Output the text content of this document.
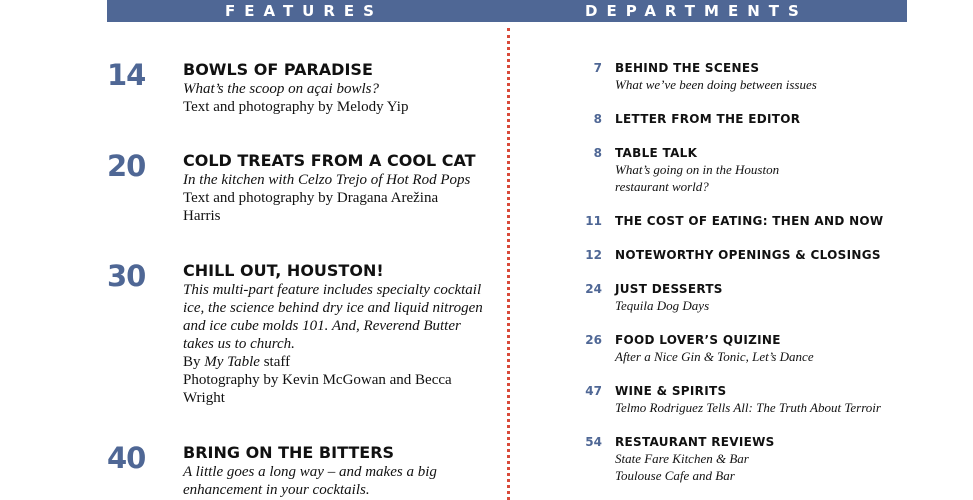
FEATURES	DEPARTMENTS
14	BOWLS OF PARADISE
What’s the scoop on açai bowls?
Text and photography by Melody Yip
20	COLD TREATS FROM A COOL CAT
In the kitchen with Celzo Trejo of Hot Rod Pops
Text and photography by Dragana Arežina Harris
30	CHILL OUT, HOUSTON!
This multi-part feature includes specialty cocktail ice, the science behind dry ice and liquid nitrogen and ice cube molds 101. And, Reverend Butter takes us to church.
By My Table staff
Photography by Kevin McGowan and Becca Wright
40	BRING ON THE BITTERS
A little goes a long way – and makes a big enhancement in your cocktails.
7 BEHIND THE SCENES
What we’ve been doing between issues
8 LETTER FROM THE EDITOR
8 TABLE TALK
What’s going on in the Houston restaurant world?
11 THE COST OF EATING: THEN AND NOW
12 NOTEWORTHY OPENINGS & CLOSINGS
24 JUST DESSERTS
Tequila Dog Days
26 FOOD LOVER’S QUIZINE
After a Nice Gin & Tonic, Let’s Dance
47 WINE & SPIRITS
Telmo Rodriguez Tells All: The Truth About Terroir
54 RESTAURANT REVIEWS
State Fare Kitchen & Bar
Toulouse Cafe and Bar
